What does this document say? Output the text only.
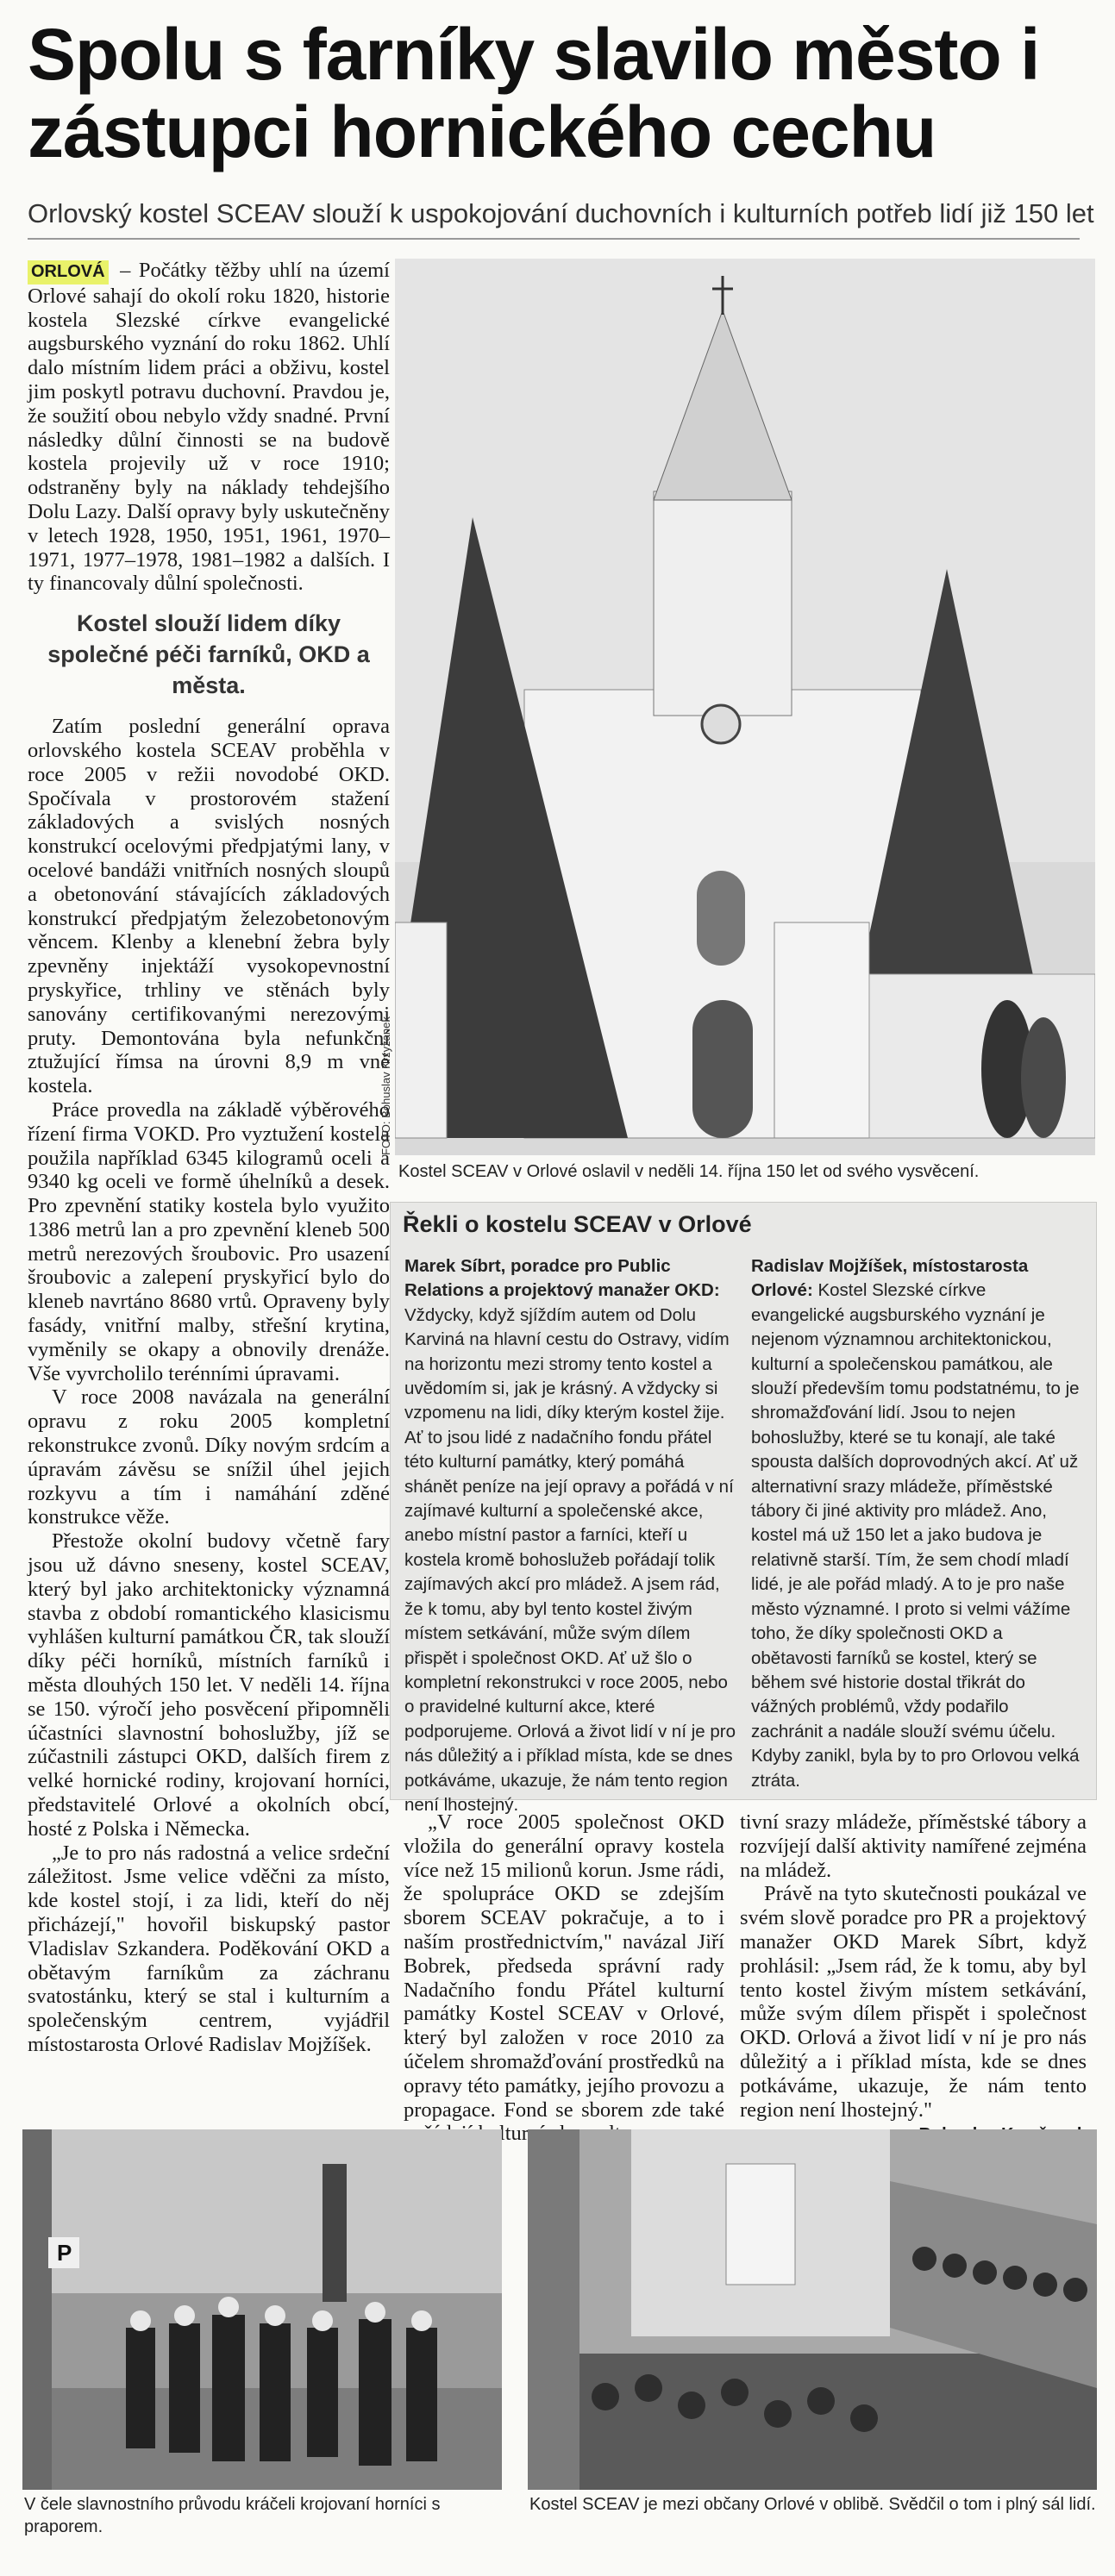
Spolu s farníky slavilo město i zástupci hornického cechu
Orlovský kostel SCEAV slouží k uspokojování duchovních i kulturních potřeb lidí již 150 let

ORLOVÁ – Počátky těžby uhlí na území Orlové sahají do okolí roku 1820, historie kostela Slezské církve evangelické augsburského vyznání do roku 1862. Uhlí dalo místním lidem práci a obživu, kostel jim poskytl potravu duchovní. Pravdou je, že soužití obou nebylo vždy snadné. První následky důlní činnosti se na budově kostela projevily už v roce 1910; odstraněny byly na náklady tehdejšího Dolu Lazy. Další opravy byly uskutečněny v letech 1928, 1950, 1951, 1961, 1970–1971, 1977–1978, 1981–1982 a dalších. I ty financovaly důlní společnosti.

Kostel slouží lidem díky společné péči farníků, OKD a města.

Zatím poslední generální oprava orlovského kostela SCEAV proběhla v roce 2005 v režii novodobé OKD. Spočívala v prostorovém stažení základových a svislých nosných konstrukcí ocelovými předpjatými lany, v ocelové bandáži vnitřních nosných sloupů a obetonování stávajících základových konstrukcí předpjatým železobetonovým věncem. Klenby a klenební žebra byly zpevněny injektáží vysokopevnostní pryskyřice, trhliny ve stěnách byly sanovány certifikovanými nerezovými pruty. Demontována byla nefunkční ztužující římsa na úrovni 8,9 m vně kostela.

Práce provedla na základě výběrového řízení firma VOKD. Pro vyztužení kostela použila například 6345 kilogramů oceli a 9340 kg oceli ve formě úhelníků a desek. Pro zpevnění statiky kostela bylo využito 1386 metrů lan a pro zpevnění kleneb 500 metrů nerezových šroubovic. Pro usazení šroubovic a zalepení pryskyřicí bylo do kleneb navrtáno 8680 vrtů. Opraveny byly fasády, vnitřní malby, střešní krytina, vyměnily se okapy a obnovily drenáže. Vše vyvrcholilo terénními úpravami.

V roce 2008 navázala na generální opravu z roku 2005 kompletní rekonstrukce zvonů. Díky novým srdcím a úpravám závěsu se snížil úhel jejich rozkyvu a tím i namáhání zděné konstrukce věže.

Přestože okolní budovy včetně fary jsou už dávno sneseny, kostel SCEAV, který byl jako architektonicky významná stavba z období romantického klasicismu vyhlášen kulturní památkou ČR, tak slouží díky péči horníků, místních farníků i města dlouhých 150 let. V neděli 14. října se 150. výročí jeho posvěcení připomněli účastníci slavnostní bohoslužby, jíž se zúčastnili zástupci OKD, dalších firem z velké hornické rodiny, krojovaní horníci, představitelé Orlové a okolních obcí, hosté z Polska i Německa.

„Je to pro nás radostná a velice srdeční záležitost. Jsme velice vděčni za místo, kde kostel stojí, i za lidi, kteří do něj přicházejí," hovořil biskupský pastor Vladislav Szkandera. Poděkování OKD a obětavým farníkům za záchranu svatostánku, který se stal i kulturním a společenským centrem, vyjádřil místostarosta Orlové Radislav Mojžíšek.

FOTO: Bohuslav Krzyžanek
Kostel SCEAV v Orlové oslavil v neděli 14. října 150 let od svého vysvěcení.
Řekli o kostelu SCEAV v Orlové
Marek Síbrt, poradce pro Public Relations a projektový manažer OKD: Vždycky, když sjíždím autem od Dolu Karviná na hlavní cestu do Ostravy, vidím na horizontu mezi stromy tento kostel a uvědomím si, jak je krásný. A vždycky si vzpomenu na lidi, díky kterým kostel žije. Ať to jsou lidé z nadačního fondu přátel této kulturní památky, který pomáhá shánět peníze na její opravy a pořádá v ní zajímavé kulturní a společenské akce, anebo místní pastor a farníci, kteří u kostela kromě bohoslužeb pořádají tolik zajímavých akcí pro mládež. A jsem rád, že k tomu, aby byl tento kostel živým místem setkávání, může svým dílem přispět i společnost OKD. Ať už šlo o kompletní rekonstrukci v roce 2005, nebo o pravidelné kulturní akce, které podporujeme. Orlová a život lidí v ní je pro nás důležitý a i příklad místa, kde se dnes potkáváme, ukazuje, že nám tento region není lhostejný.
Radislav Mojžíšek, místostarosta Orlové: Kostel Slezské církve evangelické augsburského vyznání je nejenom významnou architektonickou, kulturní a společenskou památkou, ale slouží především tomu podstatnému, to je shromažďování lidí. Jsou to nejen bohoslužby, které se tu konají, ale také spousta dalších doprovodných akcí. Ať už alternativní srazy mládeže, příměstské tábory či jiné aktivity pro mládež. Ano, kostel má už 150 let a jako budova je relativně starší. Tím, že sem chodí mladí lidé, je ale pořád mladý. A to je pro naše město významné. I proto si velmi vážíme toho, že díky společnosti OKD a obětavosti farníků se kostel, který se během své historie dostal třikrát do vážných problémů, vždy podařilo zachránit a nadále slouží svému účelu. Kdyby zanikl, byla by to pro Orlovou velká ztráta.

„V roce 2005 společnost OKD vložila do generální opravy kostela více než 15 milionů korun. Jsme rádi, že spolupráce OKD se zdejším sborem SCEAV pokračuje, a to i naším prostřednictvím," navázal Jiří Bobrek, předseda správní rady Nadačního fondu Přátel kulturní památky Kostel SCEAV v Orlové, který byl založen v roce 2010 za účelem shromažďování prostředků na opravy této památky, jejího provozu a propagace. Fond se sborem zde také kulturní

tivní srazy mládeže, příměstské tábory a rozvíjejí další aktivity namířené zejména na mládež.

Právě na tyto skutečnosti poukázal ve svém slově poradce pro PR a projektový manažer OKD Marek Síbrt, když prohlásil: „Jsem rád, že k tomu, aby byl tento kostel živým místem setkávání, může svým dílem přispět i společnost OKD. Orlová a život lidí v ní je pro nás důležitý a i příklad místa, kde se dnes potkáváme, ukazuje, že nám tento region není lhostejný."

P
V čele slavnostního průvodu kráčeli krojovaní horníci s praporem.
Kostel SCEAV je mezi občany Orlové v oblibě. Svědčil o tom i plný sál lidí.
